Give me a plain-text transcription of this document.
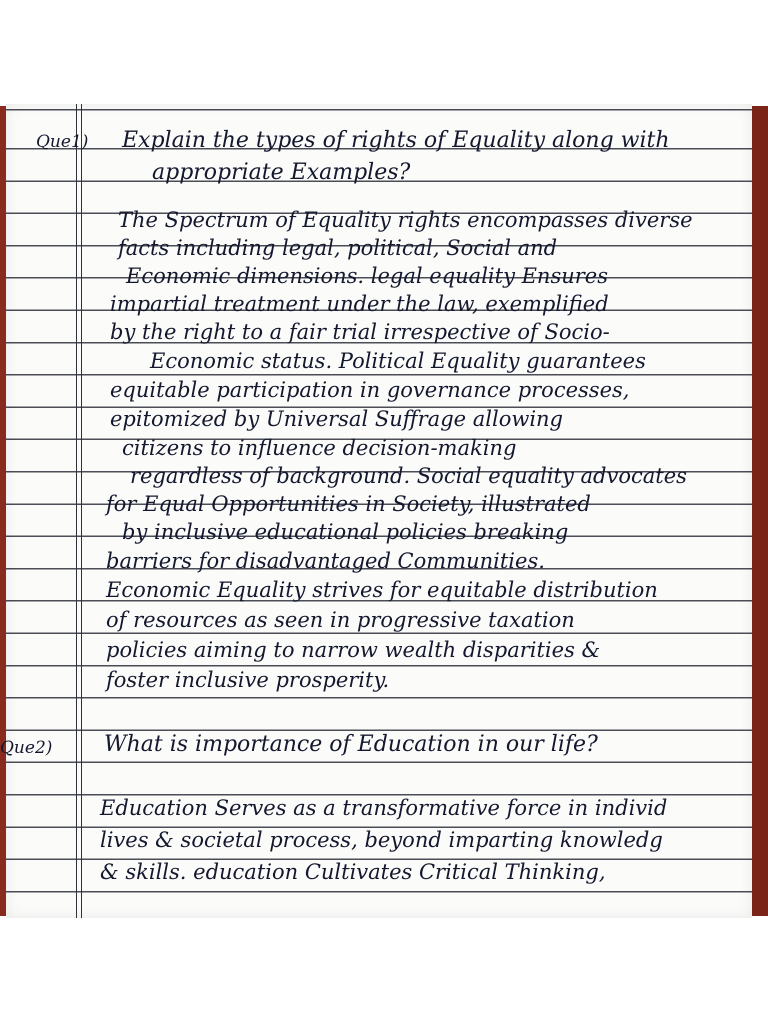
Que1) Explain the types of rights of Equality along with
appropriate Examples?
The Spectrum of Equality rights encompasses diverse
facts including legal, political, Social and
Economic dimensions. legal equality Ensures
impartial treatment under the law, exemplified
by the right to a fair trial irrespective of Socio-
Economic status. Political Equality guarantees
equitable participation in governance processes,
epitomized by Universal Suffrage allowing
citizens to influence decision-making
regardless of background. Social equality advocates
for Equal Opportunities in Society, illustrated
by inclusive educational policies breaking
barriers for disadvantaged Communities.
Economic Equality strives for equitable distribution
of resources as seen in progressive taxation
policies aiming to narrow wealth disparities &
foster inclusive prosperity.
Que2) What is importance of Education in our life?
Education Serves as a transformative force in individ
lives & societal process, beyond imparting knowledg
& skills. education Cultivates Critical Thinking,
